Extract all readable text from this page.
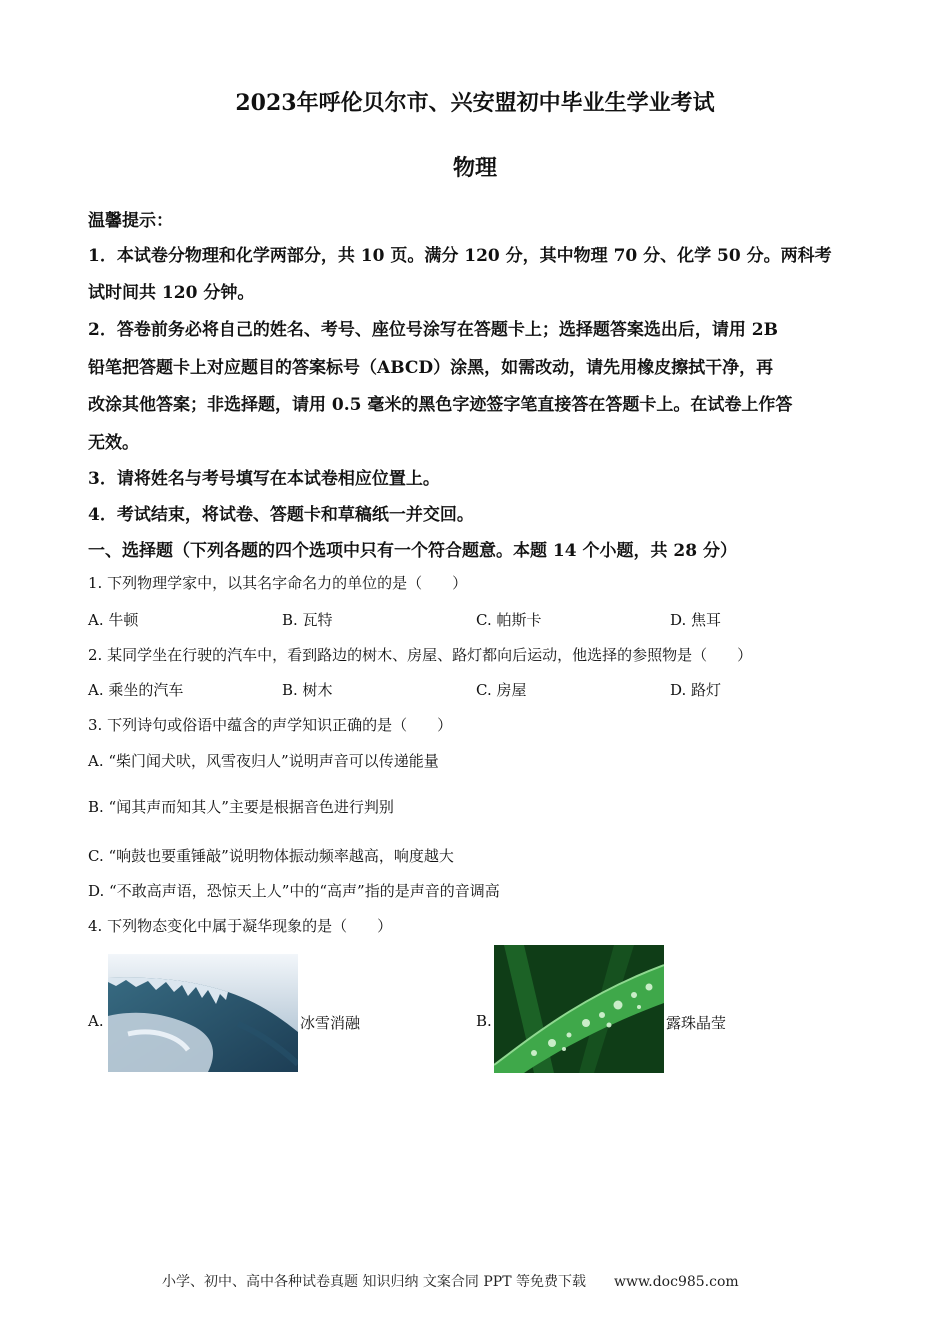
2023年呼伦贝尔市、兴安盟初中毕业生学业考试
物理
温馨提示：
1．本试卷分物理和化学两部分，共 10 页。满分 120 分，其中物理 70 分、化学 50 分。两科考
试时间共 120 分钟。
2．答卷前务必将自己的姓名、考号、座位号涂写在答题卡上；选择题答案选出后，请用 2B
铅笔把答题卡上对应题目的答案标号（ABCD）涂黑，如需改动，请先用橡皮擦拭干净，再
改涂其他答案；非选择题，请用 0.5 毫米的黑色字迹签字笔直接答在答题卡上。在试卷上作答
无效。
3．请将姓名与考号填写在本试卷相应位置上。
4．考试结束，将试卷、答题卡和草稿纸一并交回。
一、选择题（下列各题的四个选项中只有一个符合题意。本题 14 个小题，共 28 分）
1. 下列物理学家中，以其名字命名力的单位的是（　　）
A. 牛顿	B. 瓦特	C. 帕斯卡	D. 焦耳
2. 某同学坐在行驶的汽车中，看到路边的树木、房屋、路灯都向后运动，他选择的参照物是（　　）
A. 乘坐的汽车	B. 树木	C. 房屋	D. 路灯
3. 下列诗句或俗语中蕴含的声学知识正确的是（　　）
A. “柴门闻犬吠，风雪夜归人”说明声音可以传递能量
B. “闻其声而知其人”主要是根据音色进行判别
C. “响鼓也要重锤敲”说明物体振动频率越高，响度越大
D. “不敢高声语，恐惊天上人”中的“高声”指的是声音的音调高
4. 下列物态变化中属于凝华现象的是（　　）
A.	冰雪消融	B.	露珠晶莹
小学、初中、高中各种试卷真题 知识归纳 文案合同 PPT 等免费下载　　www.doc985.com
